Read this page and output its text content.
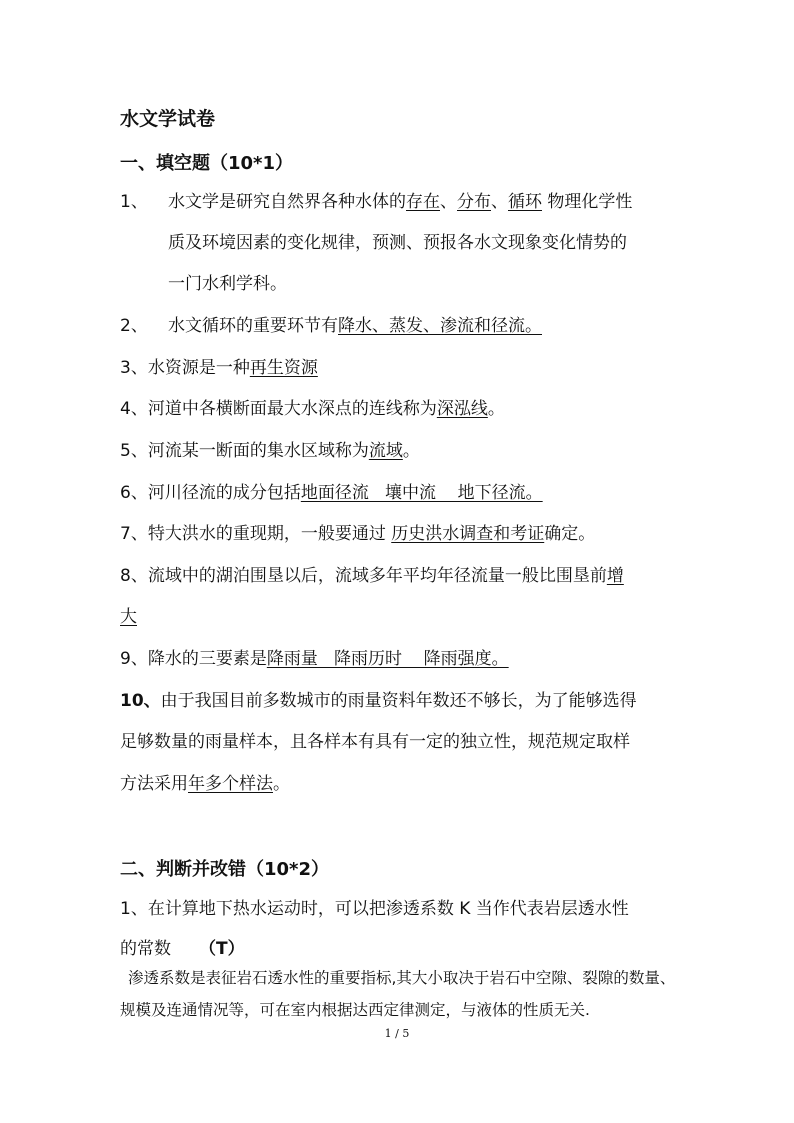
水文学试卷
一、填空题（10*1）
1、 水文学是研究自然界各种水体的存在、分布、循环 物理化学性
质及环境因素的变化规律，预测、预报各水文现象变化情势的
一门水利学科。
2、 水文循环的重要环节有降水、蒸发、渗流和径流。
3、水资源是一种再生资源
4、河道中各横断面最大水深点的连线称为深泓线。
5、河流某一断面的集水区域称为流域。
6、河川径流的成分包括地面径流   壤中流    地下径流。
7、特大洪水的重现期，一般要通过 历史洪水调查和考证确定。
8、流域中的湖泊围垦以后，流域多年平均年径流量一般比围垦前增
大
9、降水的三要素是降雨量   降雨历时    降雨强度。
10、由于我国目前多数城市的雨量资料年数还不够长，为了能够选得
足够数量的雨量样本，且各样本有具有一定的独立性，规范规定取样
方法采用年多个样法。
二、判断并改错（10*2）
1、在计算地下热水运动时，可以把渗透系数 K 当作代表岩层透水性
的常数 （T）
渗透系数是表征岩石透水性的重要指标,其大小取决于岩石中空隙、裂隙的数量、
规模及连通情况等，可在室内根据达西定律测定，与液体的性质无关.
1 / 5
